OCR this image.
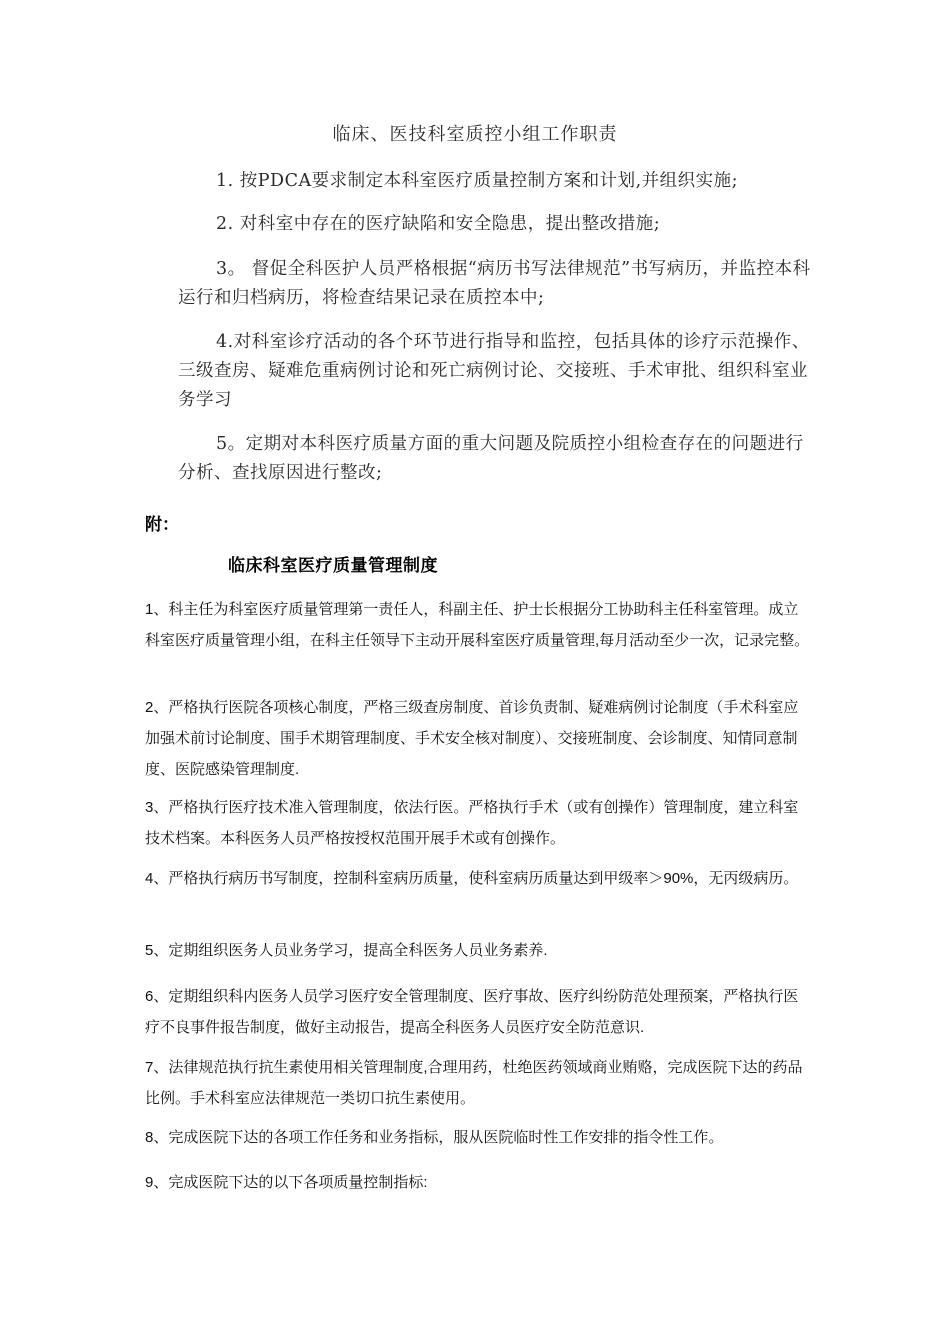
临床、医技科室质控小组工作职责
1. 按PDCA要求制定本科室医疗质量控制方案和计划,并组织实施;
2. 对科室中存在的医疗缺陷和安全隐患，提出整改措施;
3。 督促全科医护人员严格根据“病历书写法律规范”书写病历，并监控本科运行和归档病历，将检查结果记录在质控本中;
4.对科室诊疗活动的各个环节进行指导和监控，包括具体的诊疗示范操作、三级查房、疑难危重病例讨论和死亡病例讨论、交接班、手术审批、组织科室业务学习
5。定期对本科医疗质量方面的重大问题及院质控小组检查存在的问题进行分析、查找原因进行整改;
附：
临床科室医疗质量管理制度
1、科主任为科室医疗质量管理第一责任人，科副主任、护士长根据分工协助科主任科室管理。成立科室医疗质量管理小组，在科主任领导下主动开展科室医疗质量管理,每月活动至少一次，记录完整。
2、严格执行医院各项核心制度，严格三级查房制度、首诊负责制、疑难病例讨论制度（手术科室应加强术前讨论制度、围手术期管理制度、手术安全核对制度）、交接班制度、会诊制度、知情同意制度、医院感染管理制度.
3、严格执行医疗技术准入管理制度，依法行医。严格执行手术（或有创操作）管理制度，建立科室技术档案。本科医务人员严格按授权范围开展手术或有创操作。
4、严格执行病历书写制度，控制科室病历质量，使科室病历质量达到甲级率＞90%，无丙级病历。
5、定期组织医务人员业务学习，提高全科医务人员业务素养.
6、定期组织科内医务人员学习医疗安全管理制度、医疗事故、医疗纠纷防范处理预案，严格执行医疗不良事件报告制度，做好主动报告，提高全科医务人员医疗安全防范意识.
7、法律规范执行抗生素使用相关管理制度,合理用药，杜绝医药领域商业贿赂，完成医院下达的药品比例。手术科室应法律规范一类切口抗生素使用。
8、完成医院下达的各项工作任务和业务指标，服从医院临时性工作安排的指令性工作。
9、完成医院下达的以下各项质量控制指标:
